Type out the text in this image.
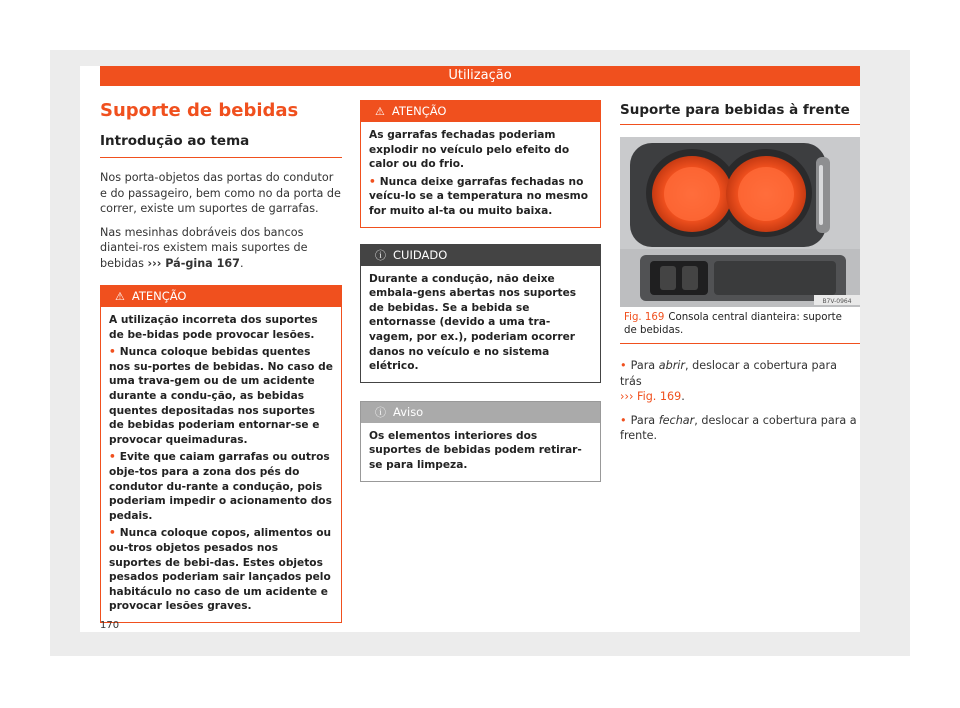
Utilização
Suporte de bebidas
Introdução ao tema

Nos porta-objetos das portas do condutor e do passageiro, bem como no da porta de correr, existe um suportes de garrafas.

Nas mesinhas dobráveis dos bancos diantei-ros existem mais suportes de bebidas ››› Pá-gina 167.

⚠ ATENÇÃO
A utilização incorreta dos suportes de be-bidas pode provocar lesões.
• Nunca coloque bebidas quentes nos su-portes de bebidas. No caso de uma trava-gem ou de um acidente durante a condu-ção, as bebidas quentes depositadas nos suportes de bebidas poderiam entornar-se e provocar queimaduras.
• Evite que caiam garrafas ou outros obje-tos para a zona dos pés do condutor du-rante a condução, pois poderiam impedir o acionamento dos pedais.
• Nunca coloque copos, alimentos ou ou-tros objetos pesados nos suportes de bebi-das. Estes objetos pesados poderiam sair lançados pelo habitáculo no caso de um acidente e provocar lesões graves.
⚠ ATENÇÃO
As garrafas fechadas poderiam explodir no veículo pelo efeito do calor ou do frio.
• Nunca deixe garrafas fechadas no veícu-lo se a temperatura no mesmo for muito al-ta ou muito baixa.
ⓘ CUIDADO
Durante a condução, não deixe embala-gens abertas nos suportes de bebidas. Se a bebida se entornasse (devido a uma tra-vagem, por ex.), poderiam ocorrer danos no veículo e no sistema elétrico.
ⓘ Aviso
Os elementos interiores dos suportes de bebidas podem retirar-se para limpeza.
Suporte para bebidas à frente
B7V-0964
Fig. 169 Consola central dianteira: suporte de bebidas.

• Para abrir, deslocar a cobertura para trás
››› Fig. 169.

• Para fechar, deslocar a cobertura para a frente.

170
